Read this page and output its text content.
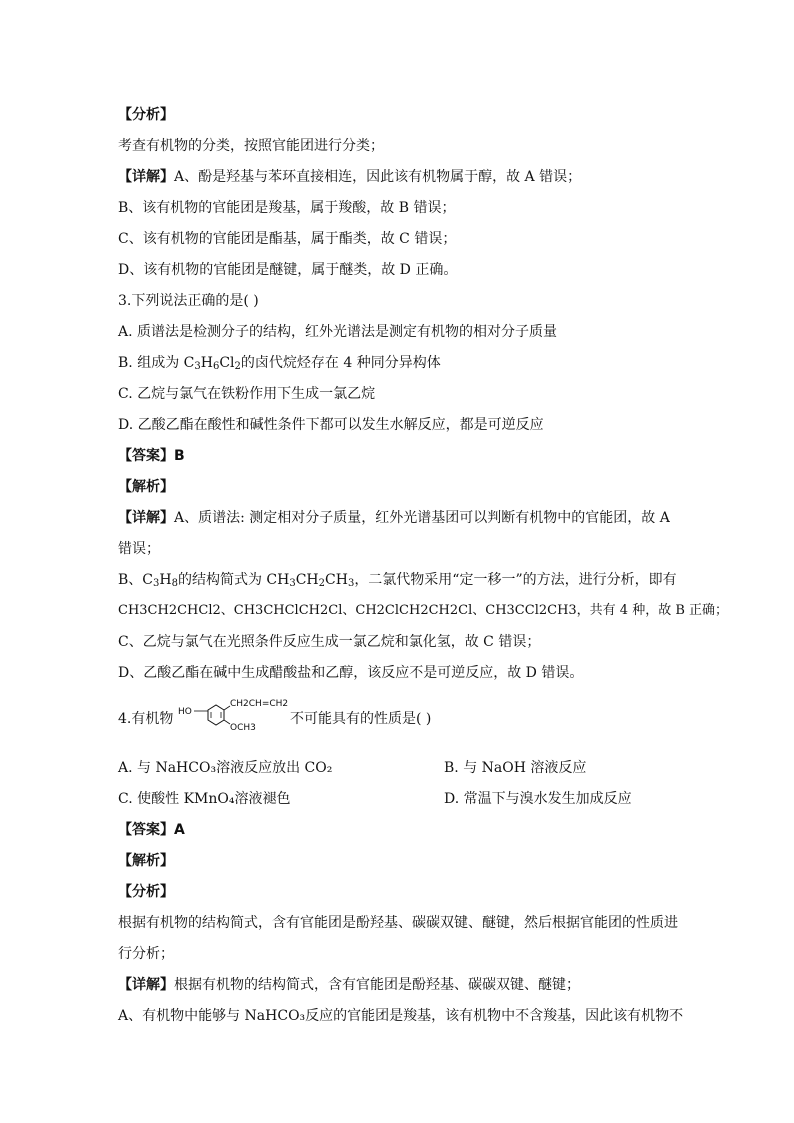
【分析】
考查有机物的分类，按照官能团进行分类；
【详解】A、酚是羟基与苯环直接相连，因此该有机物属于醇，故 A 错误；
B、该有机物的官能团是羧基，属于羧酸，故 B 错误；
C、该有机物的官能团是酯基，属于酯类，故 C 错误；
D、该有机物的官能团是醚键，属于醚类，故 D 正确。
3.下列说法正确的是( )
A. 质谱法是检测分子的结构，红外光谱法是测定有机物的相对分子质量
B. 组成为 $C_3H_6Cl_2$的卤代烷烃存在 4 种同分异构体
C. 乙烷与氯气在铁粉作用下生成一氯乙烷
D. 乙酸乙酯在酸性和碱性条件下都可以发生水解反应，都是可逆反应
【答案】B
【解析】
【详解】A、质谱法: 测定相对分子质量，红外光谱基团可以判断有机物中的官能团，故 A
错误；
B、$C_3H_8$的结构简式为 $CH_3CH_2CH_3$，二氯代物采用“定一移一”的方法，进行分析，即有
CH3CH2CHCl2、CH3CHClCH2Cl、CH2ClCH2CH2Cl、CH3CCl2CH3，共有 4 种，故 B 正确；
C、乙烷与氯气在光照条件反应生成一氯乙烷和氯化氢，故 C 错误；
D、乙酸乙酯在碱中生成醋酸盐和乙醇，该反应不是可逆反应，故 D 错误。
4.有机物 HO
CH2CH=CH2
OCH3
不可能具有的性质是( )
A. 与 NaHCO₃溶液反应放出 CO₂	B. 与 NaOH 溶液反应
C. 使酸性 KMnO₄溶液褪色	D. 常温下与溴水发生加成反应
【答案】A
【解析】
【分析】
根据有机物的结构简式，含有官能团是酚羟基、碳碳双键、醚键，然后根据官能团的性质进
行分析；
【详解】根据有机物的结构简式，含有官能团是酚羟基、碳碳双键、醚键；
A、有机物中能够与 NaHCO₃反应的官能团是羧基，该有机物中不含羧基，因此该有机物不
